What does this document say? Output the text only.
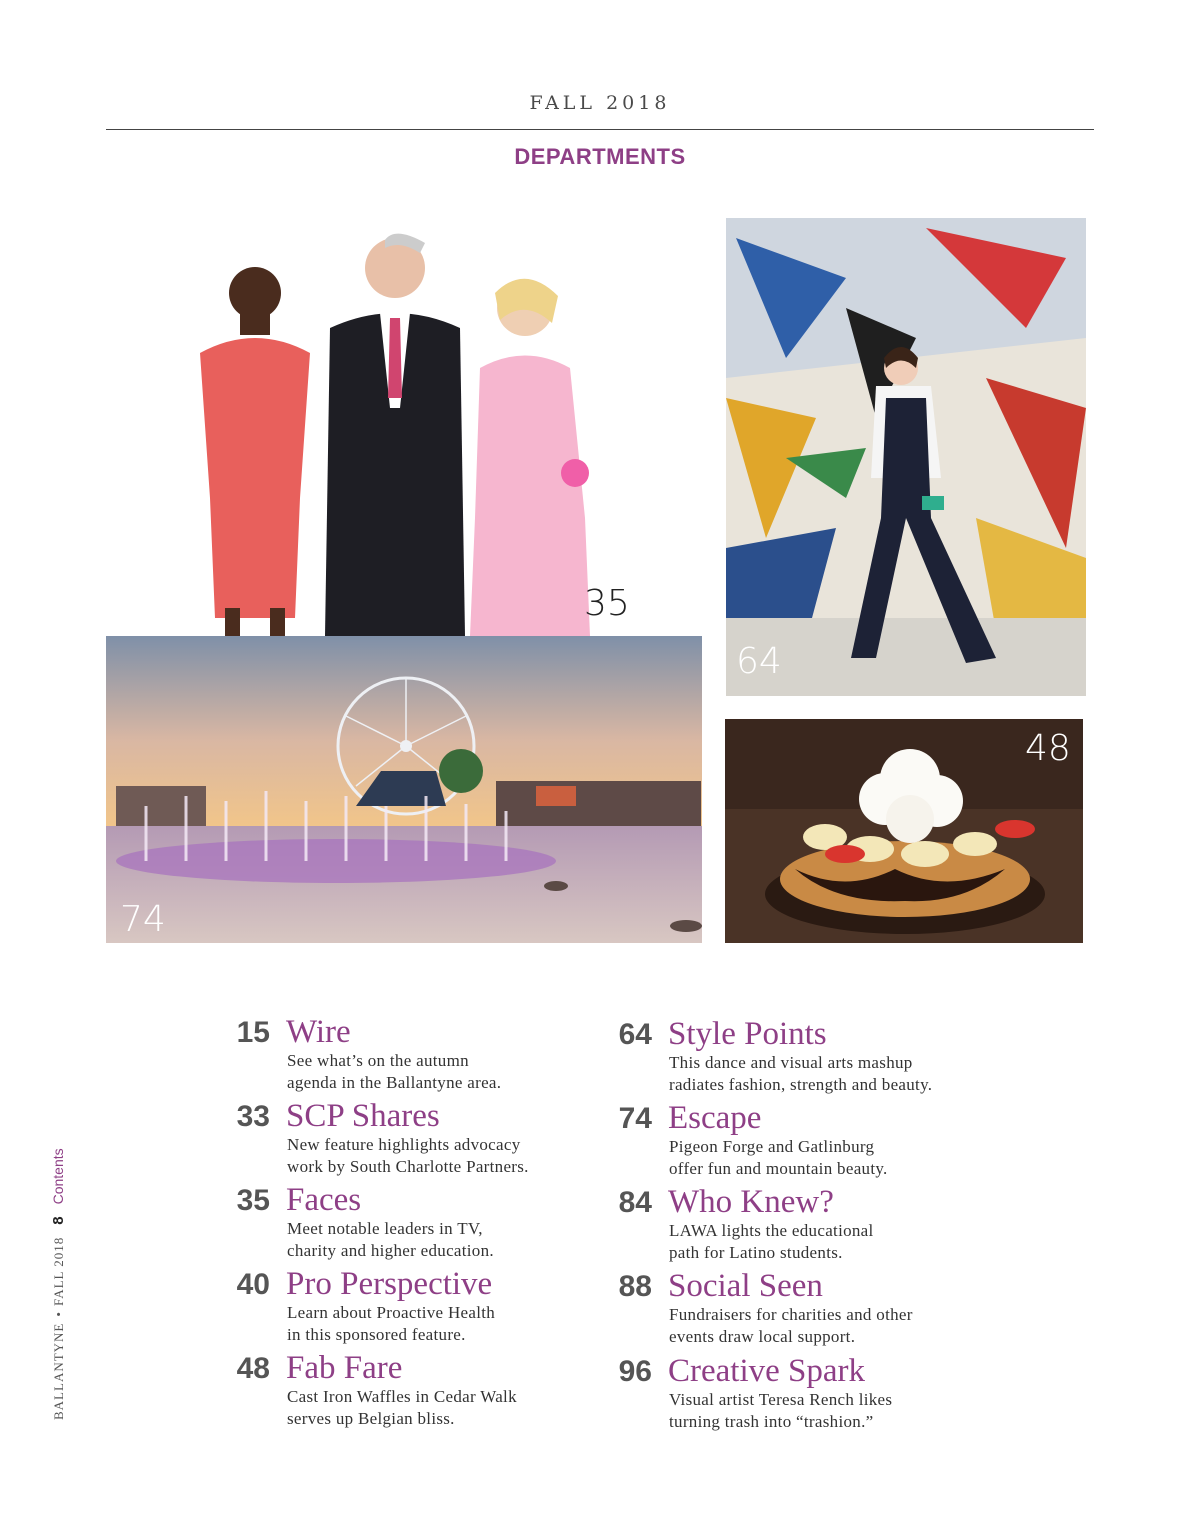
FALL 2018
DEPARTMENTS
35
64
74
48
15 Wire
See what’s on the autumn
agenda in the Ballantyne area.
33 SCP Shares
New feature highlights advocacy
work by South Charlotte Partners.
35 Faces
Meet notable leaders in TV,
charity and higher education.
40 Pro Perspective
Learn about Proactive Health
in this sponsored feature.
48 Fab Fare
Cast Iron Waffles in Cedar Walk
serves up Belgian bliss.
64 Style Points
This dance and visual arts mashup
radiates fashion, strength and beauty.
74 Escape
Pigeon Forge and Gatlinburg
offer fun and mountain beauty.
84 Who Knew?
LAWA lights the educational
path for Latino students.
88 Social Seen
Fundraisers for charities and other
events draw local support.
96 Creative Spark
Visual artist Teresa Rench likes
turning trash into “trashion.”
BALLANTYNE•FALL 20188Contents
